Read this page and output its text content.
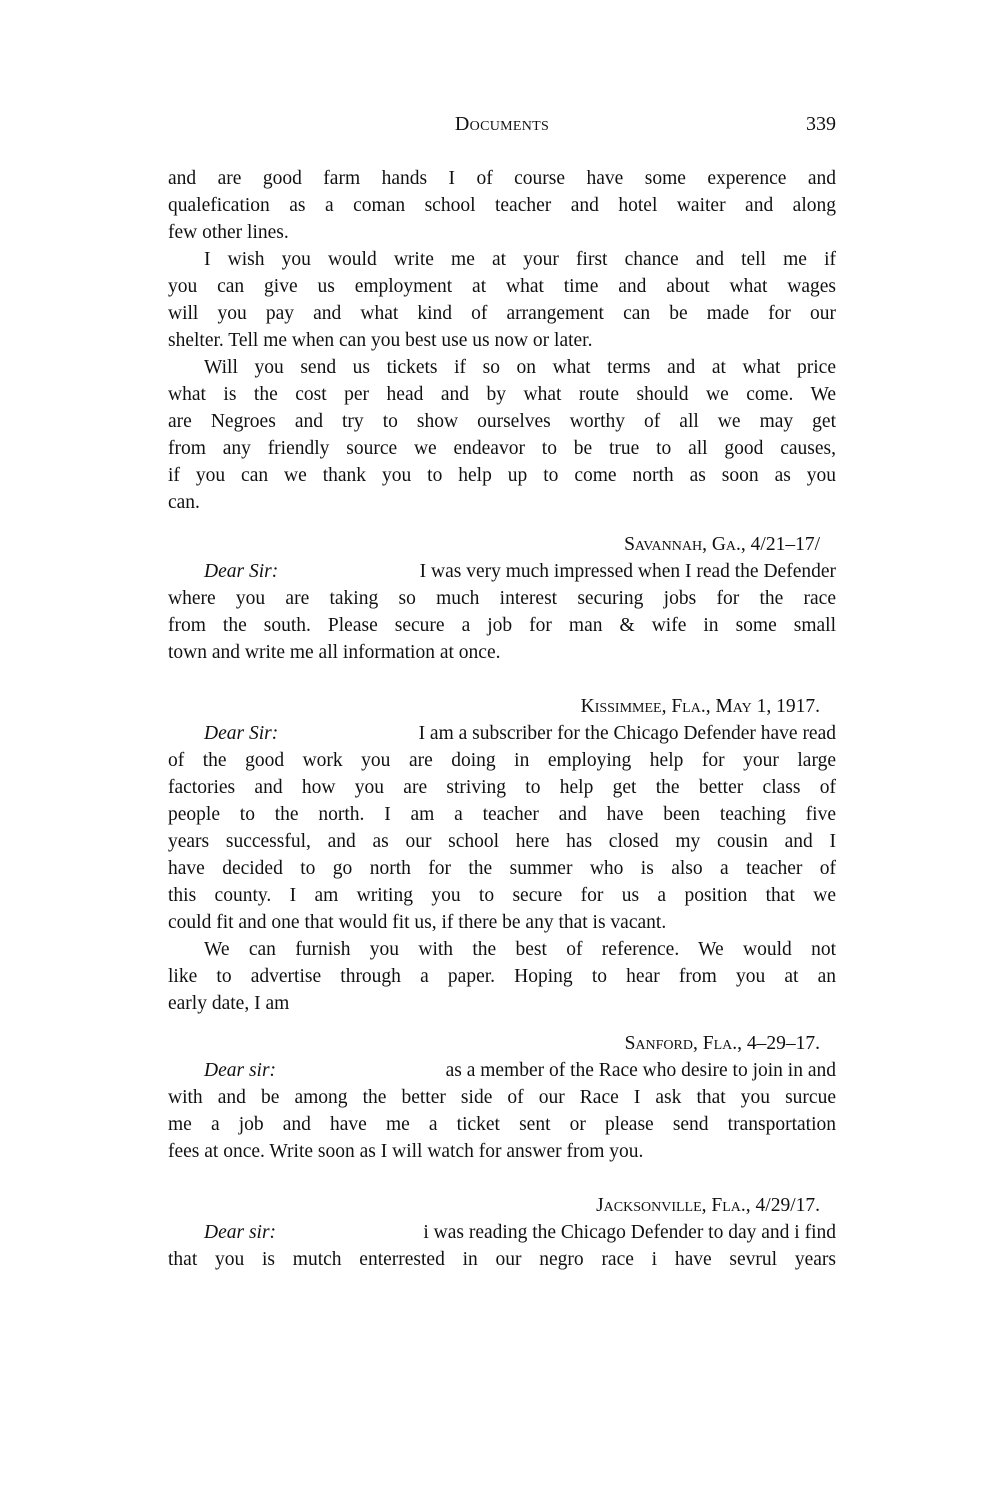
Documents	339
and are good farm hands I of course have some experence and
qualefication as a coman school teacher and hotel waiter and along
few other lines.
I wish you would write me at your first chance and tell me if
you can give us employment at what time and about what wages
will you pay and what kind of arrangement can be made for our
shelter. Tell me when can you best use us now or later.
Will you send us tickets if so on what terms and at what price
what is the cost per head and by what route should we come. We
are Negroes and try to show ourselves worthy of all we may get
from any friendly source we endeavor to be true to all good causes,
if you can we thank you to help up to come north as soon as you
can.
Savannah, Ga., 4/21–17/
Dear Sir:	I was very much impressed when I read the Defender
where you are taking so much interest securing jobs for the race
from the south. Please secure a job for man & wife in some small
town and write me all information at once.
Kissimmee, Fla., May 1, 1917.
Dear Sir:	I am a subscriber for the Chicago Defender have read
of the good work you are doing in employing help for your large
factories and how you are striving to help get the better class of
people to the north. I am a teacher and have been teaching five
years successful, and as our school here has closed my cousin and I
have decided to go north for the summer who is also a teacher of
this county. I am writing you to secure for us a position that we
could fit and one that would fit us, if there be any that is vacant.
We can furnish you with the best of reference. We would not
like to advertise through a paper. Hoping to hear from you at an
early date, I am
Sanford, Fla., 4–29–17.
Dear sir:	as a member of the Race who desire to join in and
with and be among the better side of our Race I ask that you surcue
me a job and have me a ticket sent or please send transportation
fees at once. Write soon as I will watch for answer from you.
Jacksonville, Fla., 4/29/17.
Dear sir:	i was reading the Chicago Defender to day and i find
that you is mutch enterrested in our negro race i have sevrul years
